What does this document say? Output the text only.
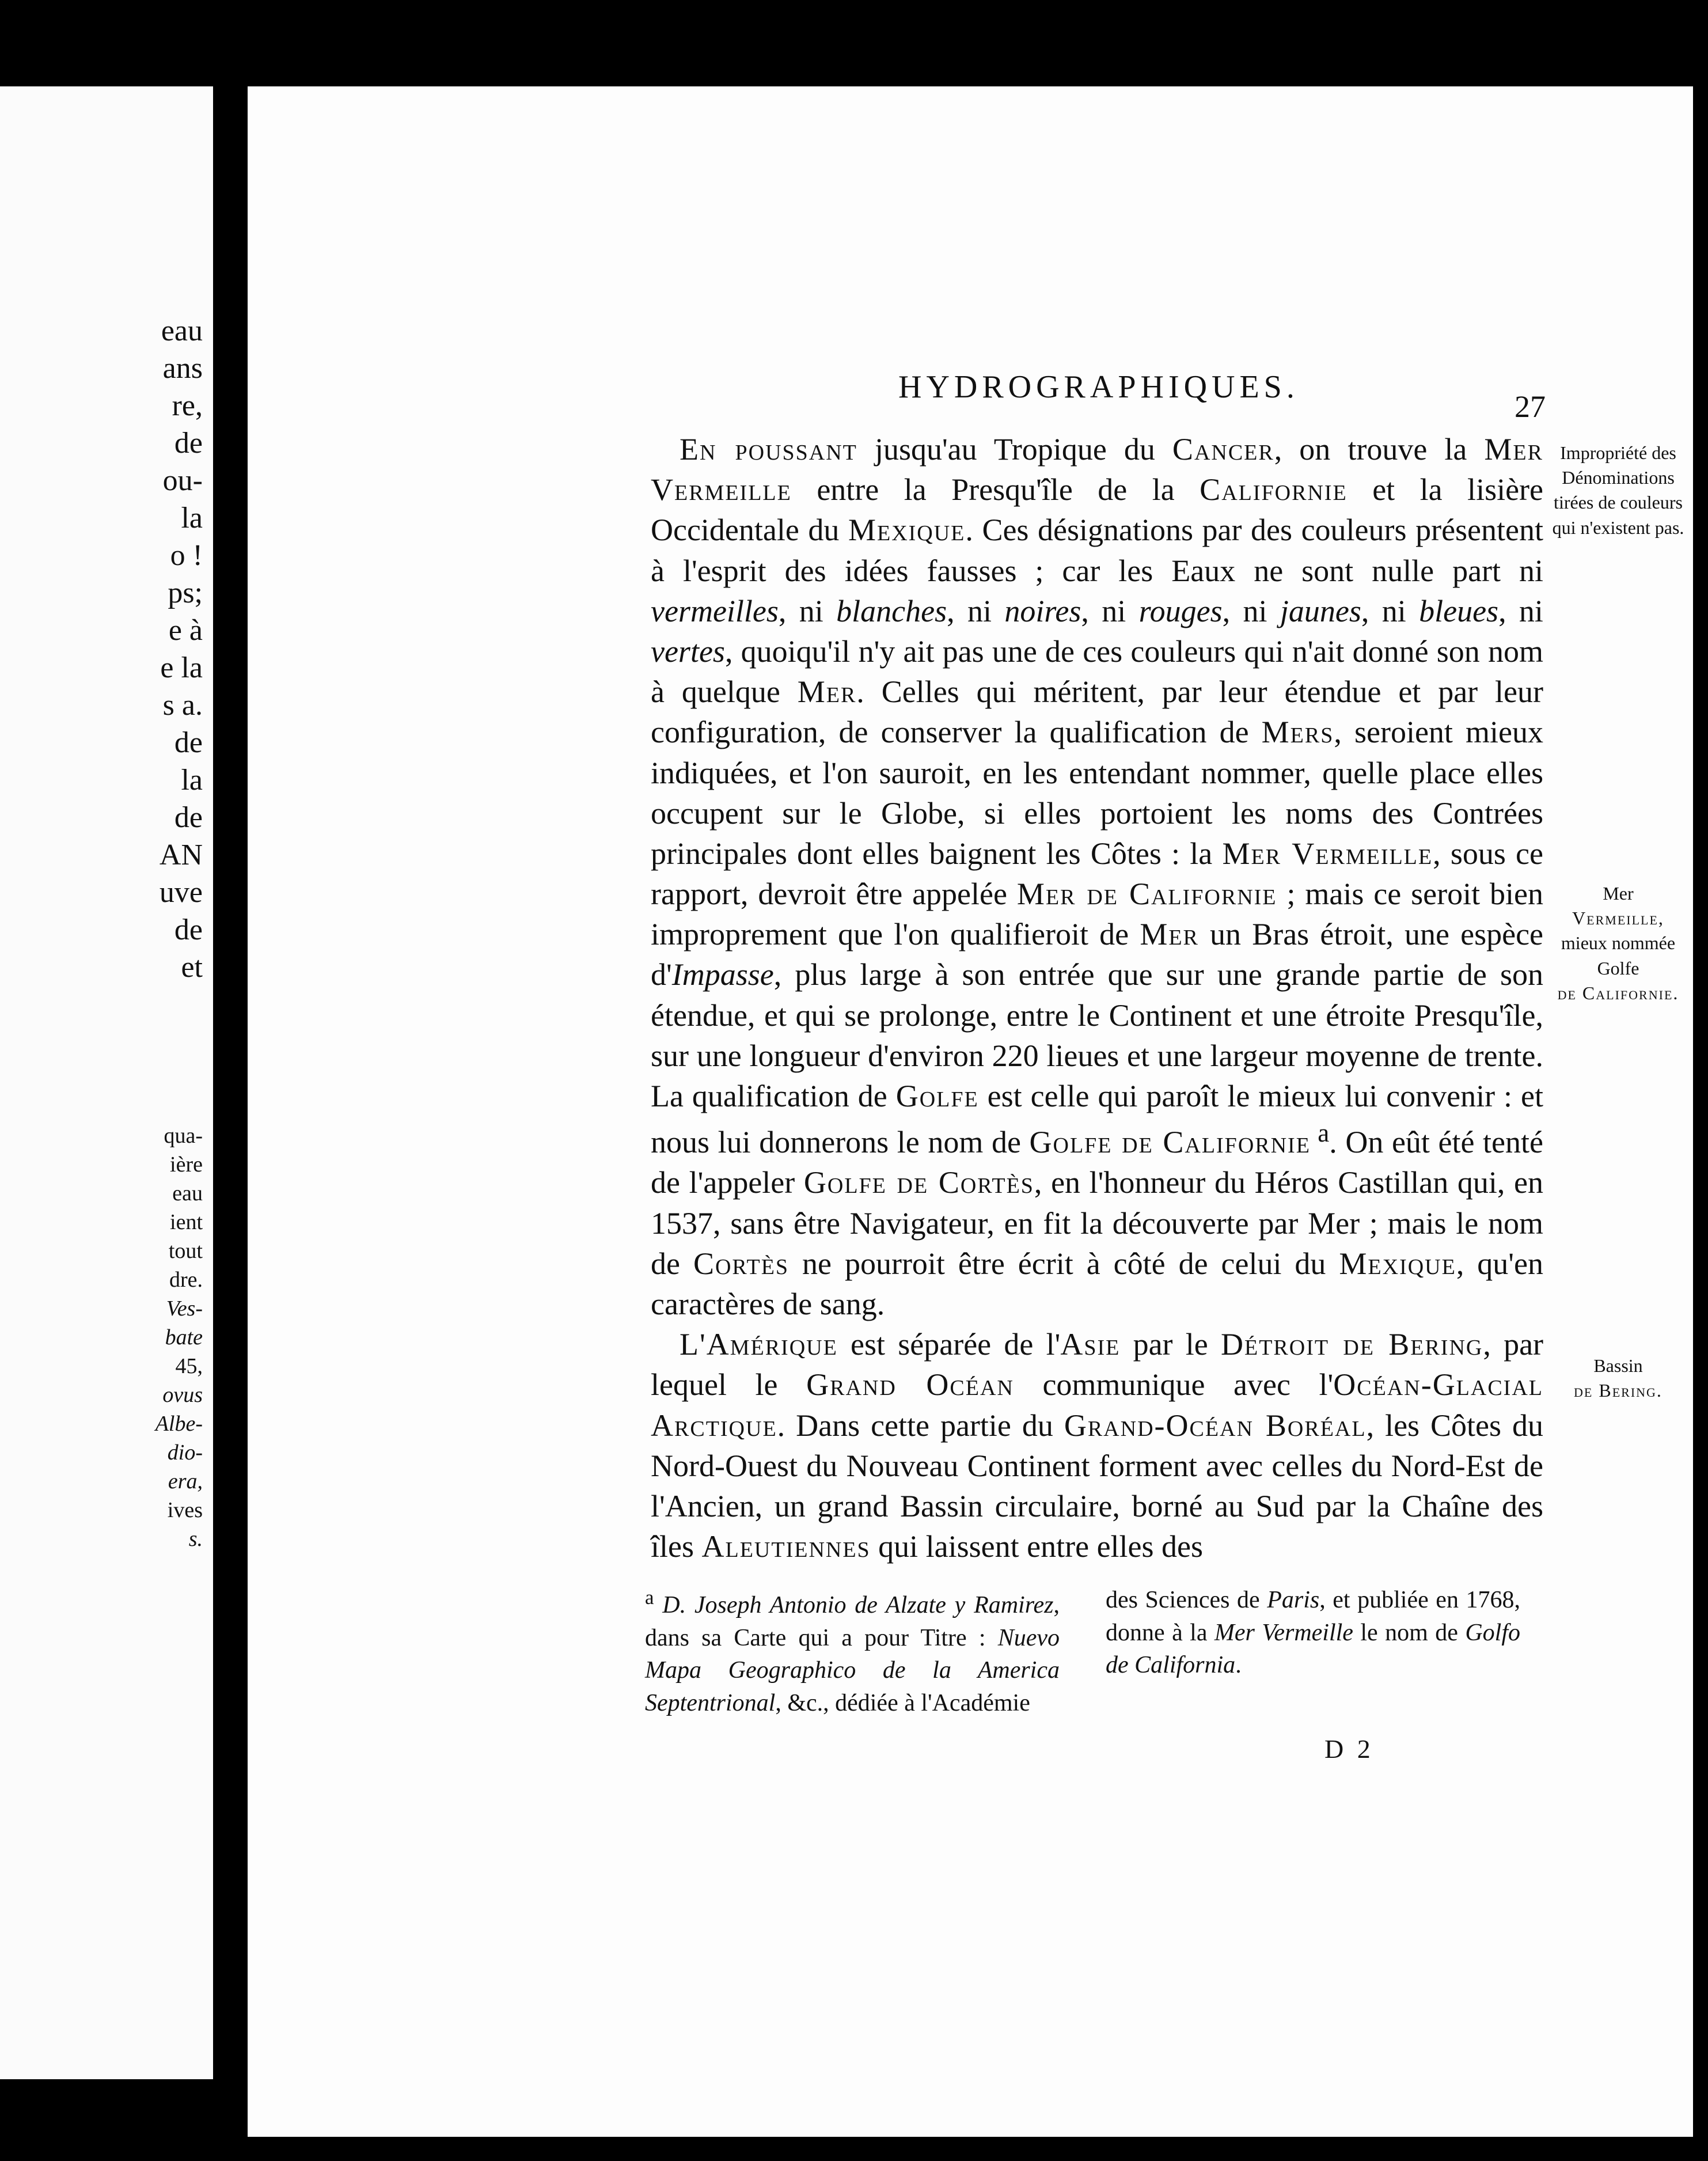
eau

ans

re,

de

ou-

la

o !

ps;

e à

e la

s a.

de

la

de

AN

uve

de

et

qua-

ière

eau

ient

tout

dre.

Ves-

bate

45,

ovus

Albe-

dio-

era,

ives

s.

HYDROGRAPHIQUES.
27

En poussant jusqu'au Tropique du Cancer, on trouve la Mer Vermeille entre la Presqu'île de la Californie et la lisière Occidentale du Mexique. Ces désignations par des couleurs présentent à l'esprit des idées fausses ; car les Eaux ne sont nulle part ni vermeilles, ni blanches, ni noires, ni rouges, ni jaunes, ni bleues, ni vertes, quoiqu'il n'y ait pas une de ces couleurs qui n'ait donné son nom à quelque Mer. Celles qui méritent, par leur étendue et par leur configuration, de conserver la qualification de Mers, seroient mieux indiquées, et l'on sauroit, en les entendant nommer, quelle place elles occupent sur le Globe, si elles portoient les noms des Contrées principales dont elles baignent les Côtes : la Mer Vermeille, sous ce rapport, devroit être appelée Mer de Californie ; mais ce seroit bien improprement que l'on qualifieroit de Mer un Bras étroit, une espèce d'Impasse, plus large à son entrée que sur une grande partie de son étendue, et qui se prolonge, entre le Continent et une étroite Presqu'île, sur une longueur d'environ 220 lieues et une largeur moyenne de trente. La qualification de Golfe est celle qui paroît le mieux lui convenir : et nous lui donnerons le nom de Golfe de Californie $^a$. On eût été tenté de l'appeler Golfe de Cortès, en l'honneur du Héros Castillan qui, en 1537, sans être Navigateur, en fit la découverte par Mer ; mais le nom de Cortès ne pourroit être écrit à côté de celui du Mexique, qu'en caractères de sang.

L'Amérique est séparée de l'Asie par le Détroit de Bering, par lequel le Grand Océan communique avec l'Océan-Glacial Arctique. Dans cette partie du Grand-Océan Boréal, les Côtes du Nord-Ouest du Nouveau Continent forment avec celles du Nord-Est de l'Ancien, un grand Bassin circulaire, borné au Sud par la Chaîne des îles Aleutiennes qui laissent entre elles des

Impropriété des Dénominations tirées de couleurs qui n'existent pas.

Mer
Vermeille,
mieux nommée
Golfe
de Californie.
Bassin
de Bering.

$^a$ D. Joseph Antonio de Alzate y Ramirez, dans sa Carte qui a pour Titre : Nuevo Mapa Geographico de la America Septentrional, &c., dédiée à l'Académie

des Sciences de Paris, et publiée en 1768, donne à la Mer Vermeille le nom de Golfo de California.

D 2
